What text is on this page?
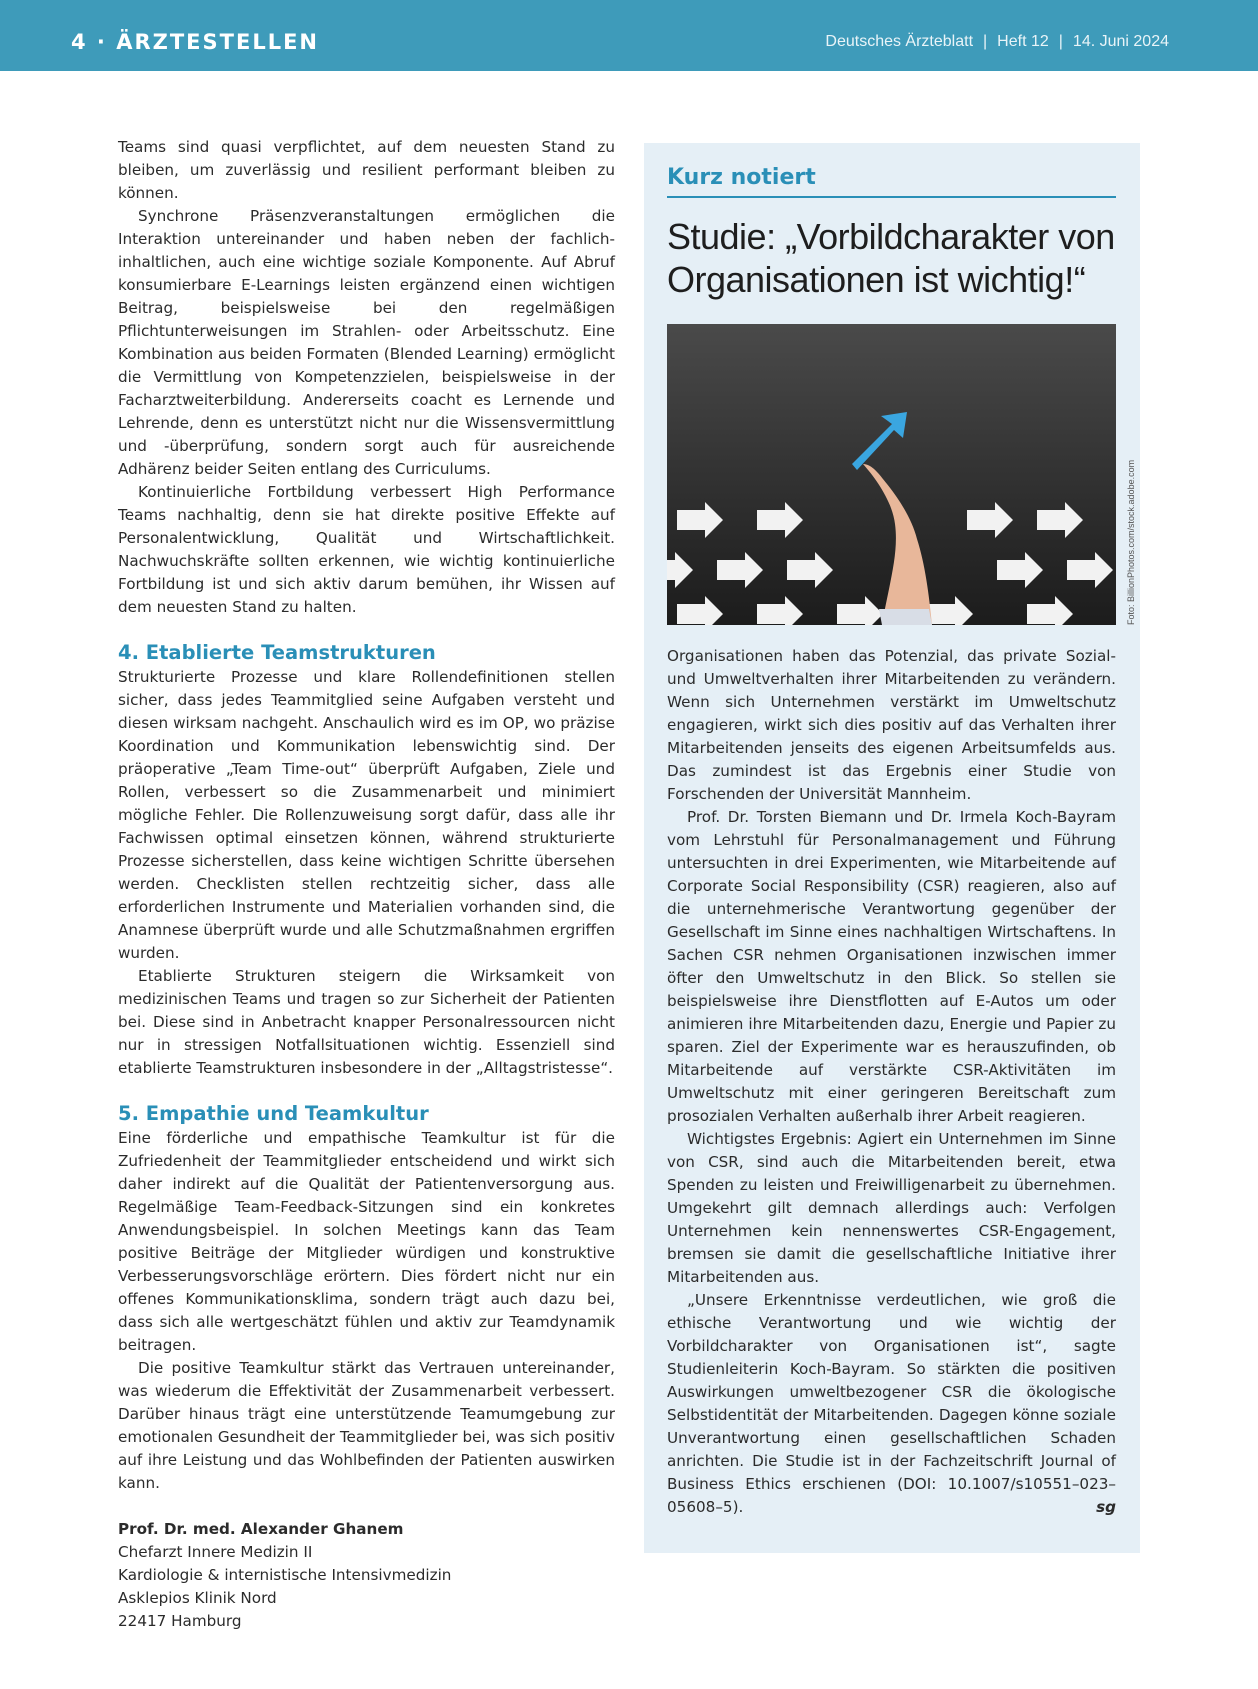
4 · ÄRZTESTELLEN	Deutsches Ärzteblatt | Heft 12 | 14. Juni 2024

Teams sind quasi verpflichtet, auf dem neuesten Stand zu bleiben, um zuverlässig und resilient performant bleiben zu können.

Synchrone Präsenzveranstaltungen ermöglichen die Interaktion untereinander und haben neben der fachlich-inhaltlichen, auch eine wichtige soziale Komponente. Auf Abruf konsumierbare E-Learnings leisten ergänzend einen wichtigen Beitrag, beispielsweise bei den regelmäßigen Pflichtunterweisungen im Strahlen- oder Arbeitsschutz. Eine Kombination aus beiden Formaten (Blended Learning) ermöglicht die Vermittlung von Kompetenzzielen, beispielsweise in der Facharztweiterbildung. Andererseits coacht es Lernende und Lehrende, denn es unterstützt nicht nur die Wissensvermittlung und -überprüfung, sondern sorgt auch für ausreichende Adhärenz beider Seiten entlang des Curriculums.

Kontinuierliche Fortbildung verbessert High Performance Teams nachhaltig, denn sie hat direkte positive Effekte auf Personalentwicklung, Qualität und Wirtschaftlichkeit. Nachwuchskräfte sollten erkennen, wie wichtig kontinuierliche Fortbildung ist und sich aktiv darum bemühen, ihr Wissen auf dem neuesten Stand zu halten.

4. Etablierte Teamstrukturen

Strukturierte Prozesse und klare Rollendefinitionen stellen sicher, dass jedes Teammitglied seine Aufgaben versteht und diesen wirksam nachgeht. Anschaulich wird es im OP, wo präzise Koordination und Kommunikation lebenswichtig sind. Der präoperative „Team Time-out“ überprüft Aufgaben, Ziele und Rollen, verbessert so die Zusammenarbeit und minimiert mögliche Fehler. Die Rollenzuweisung sorgt dafür, dass alle ihr Fachwissen optimal einsetzen können, während strukturierte Prozesse sicherstellen, dass keine wichtigen Schritte übersehen werden. Checklisten stellen rechtzeitig sicher, dass alle erforderlichen Instrumente und Materialien vorhanden sind, die Anamnese überprüft wurde und alle Schutzmaßnahmen ergriffen wurden.

Etablierte Strukturen steigern die Wirksamkeit von medizinischen Teams und tragen so zur Sicherheit der Patienten bei. Diese sind in Anbetracht knapper Personalressourcen nicht nur in stressigen Notfallsituationen wichtig. Essenziell sind etablierte Teamstrukturen insbesondere in der „Alltagstristesse“.

5. Empathie und Teamkultur

Eine förderliche und empathische Teamkultur ist für die Zufriedenheit der Teammitglieder entscheidend und wirkt sich daher indirekt auf die Qualität der Patientenversorgung aus. Regelmäßige Team-Feedback-Sitzungen sind ein konkretes Anwendungsbeispiel. In solchen Meetings kann das Team positive Beiträge der Mitglieder würdigen und konstruktive Verbesserungsvorschläge erörtern. Dies fördert nicht nur ein offenes Kommunikationsklima, sondern trägt auch dazu bei, dass sich alle wertgeschätzt fühlen und aktiv zur Teamdynamik beitragen.

Die positive Teamkultur stärkt das Vertrauen untereinander, was wiederum die Effektivität der Zusammenarbeit verbessert. Darüber hinaus trägt eine unterstützende Teamumgebung zur emotionalen Gesundheit der Teammitglieder bei, was sich positiv auf ihre Leistung und das Wohlbefinden der Patienten auswirken kann.

Prof. Dr. med. Alexander Ghanem
Chefarzt Innere Medizin II
Kardiologie & internistische Intensivmedizin
Asklepios Klinik Nord
22417 Hamburg
Kurz notiert
Studie: „Vorbildcharakter von Organisationen ist wichtig!“
Foto: BillionPhotos.com/stock.adobe.com

Organisationen haben das Potenzial, das private Sozial- und Umweltverhalten ihrer Mitarbeitenden zu verändern. Wenn sich Unternehmen verstärkt im Umweltschutz engagieren, wirkt sich dies positiv auf das Verhalten ihrer Mitarbeitenden jenseits des eigenen Arbeitsumfelds aus. Das zumindest ist das Ergebnis einer Studie von Forschenden der Universität Mannheim.

Prof. Dr. Torsten Biemann und Dr. Irmela Koch-Bayram vom Lehrstuhl für Personalmanagement und Führung untersuchten in drei Experimenten, wie Mitarbeitende auf Corporate Social Responsibility (CSR) reagieren, also auf die unternehmerische Verantwortung gegenüber der Gesellschaft im Sinne eines nachhaltigen Wirtschaftens. In Sachen CSR nehmen Organisationen inzwischen immer öfter den Umweltschutz in den Blick. So stellen sie beispielsweise ihre Dienstflotten auf E-Autos um oder animieren ihre Mitarbeitenden dazu, Energie und Papier zu sparen. Ziel der Experimente war es herauszufinden, ob Mitarbeitende auf verstärkte CSR-Aktivitäten im Umweltschutz mit einer geringeren Bereitschaft zum prosozialen Verhalten außerhalb ihrer Arbeit reagieren.

Wichtigstes Ergebnis: Agiert ein Unternehmen im Sinne von CSR, sind auch die Mitarbeitenden bereit, etwa Spenden zu leisten und Freiwilligenarbeit zu übernehmen. Umgekehrt gilt demnach allerdings auch: Verfolgen Unternehmen kein nennenswertes CSR-Engagement, bremsen sie damit die gesellschaftliche Initiative ihrer Mitarbeitenden aus.

„Unsere Erkenntnisse verdeutlichen, wie groß die ethische Verantwortung und wie wichtig der Vorbildcharakter von Organisationen ist“, sagte Studienleiterin Koch-Bayram. So stärkten die positiven Auswirkungen umweltbezogener CSR die ökologische Selbstidentität der Mitarbeitenden. Dagegen könne soziale Unverantwortung einen gesellschaftlichen Schaden anrichten. Die Studie ist in der Fachzeitschrift Journal of Business Ethics erschienen (DOI: 10.1007/s10551–023–05608–5).	sg
